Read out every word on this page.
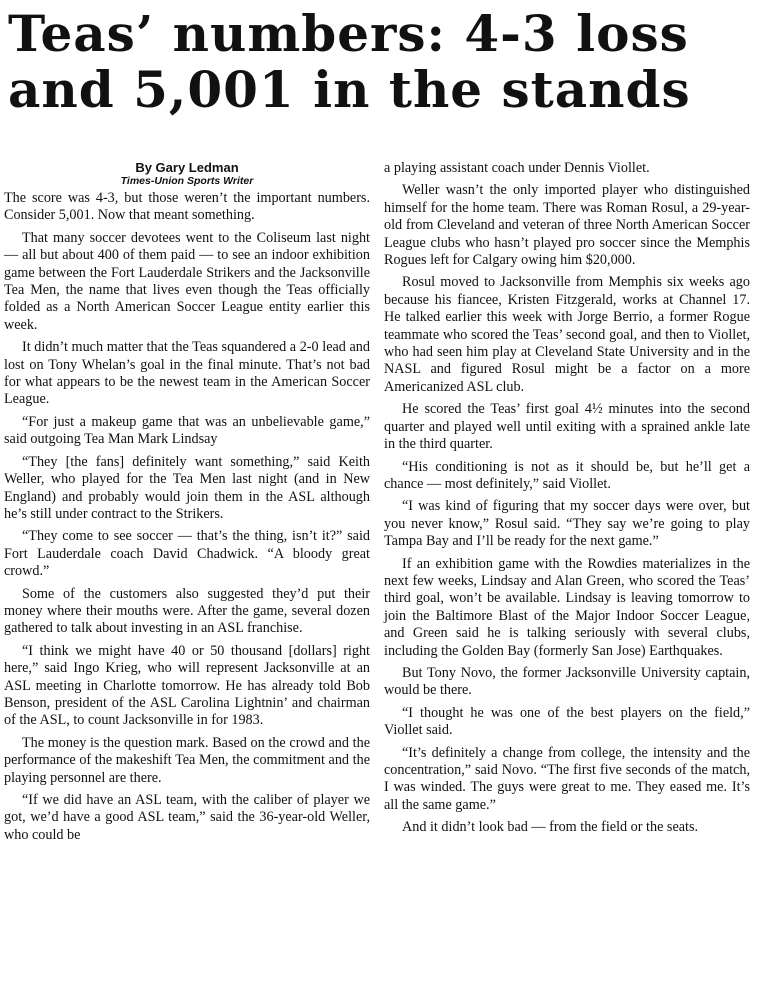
Teas’ numbers: 4-3 loss
and 5,001 in the stands
By Gary Ledman
Times-Union Sports Writer

The score was 4-3, but those weren’t the important numbers. Consider 5,001. Now that meant something.

That many soccer devotees went to the Coliseum last night — all but about 400 of them paid — to see an indoor exhibition game between the Fort Lauderdale Strikers and the Jacksonville Tea Men, the name that lives even though the Teas officially folded as a North American Soccer League entity earlier this week.

It didn’t much matter that the Teas squandered a 2-0 lead and lost on Tony Whelan’s goal in the final minute. That’s not bad for what appears to be the newest team in the American Soccer League.

“For just a makeup game that was an unbelievable game,” said outgoing Tea Man Mark Lindsay

“They [the fans] definitely want something,” said Keith Weller, who played for the Tea Men last night (and in New England) and probably would join them in the ASL although he’s still under contract to the Strikers.

“They come to see soccer — that’s the thing, isn’t it?” said Fort Lauderdale coach David Chadwick. “A bloody great crowd.”

Some of the customers also suggested they’d put their money where their mouths were. After the game, several dozen gathered to talk about investing in an ASL franchise.

“I think we might have 40 or 50 thousand [dollars] right here,” said Ingo Krieg, who will represent Jacksonville at an ASL meeting in Charlotte tomorrow. He has already told Bob Benson, president of the ASL Carolina Lightnin’ and chairman of the ASL, to count Jacksonville in for 1983.

The money is the question mark. Based on the crowd and the performance of the makeshift Tea Men, the commitment and the playing personnel are there.

“If we did have an ASL team, with the caliber of player we got, we’d have a good ASL team,” said the 36-year-old Weller, who could be

a playing assistant coach under Dennis Viollet.

Weller wasn’t the only imported player who distinguished himself for the home team. There was Roman Rosul, a 29-year-old from Cleveland and veteran of three North American Soccer League clubs who hasn’t played pro soccer since the Memphis Rogues left for Calgary owing him $20,000.

Rosul moved to Jacksonville from Memphis six weeks ago because his fiancee, Kristen Fitzgerald, works at Channel 17. He talked earlier this week with Jorge Berrio, a former Rogue teammate who scored the Teas’ second goal, and then to Viollet, who had seen him play at Cleveland State University and in the NASL and figured Rosul might be a factor on a more Americanized ASL club.

He scored the Teas’ first goal 4½ minutes into the second quarter and played well until exiting with a sprained ankle late in the third quarter.

“His conditioning is not as it should be, but he’ll get a chance — most definitely,” said Viollet.

“I was kind of figuring that my soccer days were over, but you never know,” Rosul said. “They say we’re going to play Tampa Bay and I’ll be ready for the next game.”

If an exhibition game with the Rowdies materializes in the next few weeks, Lindsay and Alan Green, who scored the Teas’ third goal, won’t be available. Lindsay is leaving tomorrow to join the Baltimore Blast of the Major Indoor Soccer League, and Green said he is talking seriously with several clubs, including the Golden Bay (formerly San Jose) Earthquakes.

But Tony Novo, the former Jacksonville University captain, would be there.

“I thought he was one of the best players on the field,” Viollet said.

“It’s definitely a change from college, the intensity and the concentration,” said Novo. “The first five seconds of the match, I was winded. The guys were great to me. They eased me. It’s all the same game.”

And it didn’t look bad — from the field or the seats.
